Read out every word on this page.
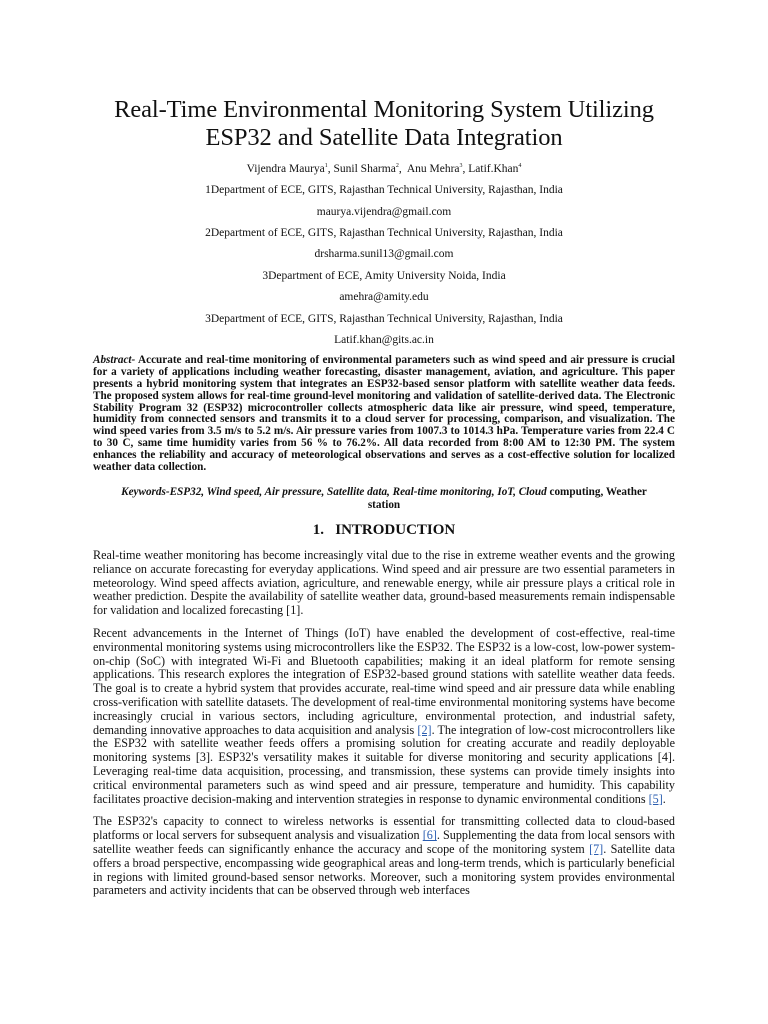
Real-Time Environmental Monitoring System Utilizing ESP32 and Satellite Data Integration
Vijendra Maurya$^1$, Sunil Sharma$^2$,  Anu Mehra$^3$, Latif.Khan$^4$
1Department of ECE, GITS, Rajasthan Technical University, Rajasthan, India
maurya.vijendra@gmail.com
2Department of ECE, GITS, Rajasthan Technical University, Rajasthan, India
drsharma.sunil13@gmail.com
3Department of ECE, Amity University Noida, India
amehra@amity.edu
3Department of ECE, GITS, Rajasthan Technical University, Rajasthan, India
Latif.khan@gits.ac.in
Abstract- Accurate and real-time monitoring of environmental parameters such as wind speed and air pressure is crucial for a variety of applications including weather forecasting, disaster management, aviation, and agriculture. This paper presents a hybrid monitoring system that integrates an ESP32-based sensor platform with satellite weather data feeds. The proposed system allows for real-time ground-level monitoring and validation of satellite-derived data. The Electronic Stability Program 32 (ESP32) microcontroller collects atmospheric data like air pressure, wind speed, temperature, humidity from connected sensors and transmits it to a cloud server for processing, comparison, and visualization. The wind speed varies from 3.5 m/s to 5.2 m/s. Air pressure varies from 1007.3 to 1014.3 hPa. Temperature varies from 22.4 C to 30 C, same time humidity varies from 56 % to 76.2%. All data recorded from 8:00 AM to 12:30 PM. The system enhances the reliability and accuracy of meteorological observations and serves as a cost-effective solution for localized weather data collection.
Keywords-ESP32, Wind speed, Air pressure, Satellite data, Real-time monitoring, IoT, Cloud computing, Weather station
1.   INTRODUCTION

Real-time weather monitoring has become increasingly vital due to the rise in extreme weather events and the growing reliance on accurate forecasting for everyday applications. Wind speed and air pressure are two essential parameters in meteorology. Wind speed affects aviation, agriculture, and renewable energy, while air pressure plays a critical role in weather prediction. Despite the availability of satellite weather data, ground-based measurements remain indispensable for validation and localized forecasting [1].

Recent advancements in the Internet of Things (IoT) have enabled the development of cost-effective, real-time environmental monitoring systems using microcontrollers like the ESP32. The ESP32 is a low-cost, low-power system-on-chip (SoC) with integrated Wi-Fi and Bluetooth capabilities; making it an ideal platform for remote sensing applications. This research explores the integration of ESP32-based ground stations with satellite weather data feeds. The goal is to create a hybrid system that provides accurate, real-time wind speed and air pressure data while enabling cross-verification with satellite datasets. The development of real-time environmental monitoring systems have become increasingly crucial in various sectors, including agriculture, environmental protection, and industrial safety, demanding innovative approaches to data acquisition and analysis [2]. The integration of low-cost microcontrollers like the ESP32 with satellite weather feeds offers a promising solution for creating accurate and readily deployable monitoring systems [3]. ESP32's versatility makes it suitable for diverse monitoring and security applications [4]. Leveraging real-time data acquisition, processing, and transmission, these systems can provide timely insights into critical environmental parameters such as wind speed and air pressure, temperature and humidity. This capability facilitates proactive decision-making and intervention strategies in response to dynamic environmental conditions [5].

The ESP32's capacity to connect to wireless networks is essential for transmitting collected data to cloud-based platforms or local servers for subsequent analysis and visualization [6]. Supplementing the data from local sensors with satellite weather feeds can significantly enhance the accuracy and scope of the monitoring system [7]. Satellite data offers a broad perspective, encompassing wide geographical areas and long-term trends, which is particularly beneficial in regions with limited ground-based sensor networks. Moreover, such a monitoring system provides environmental parameters and activity incidents that can be observed through web interfaces
